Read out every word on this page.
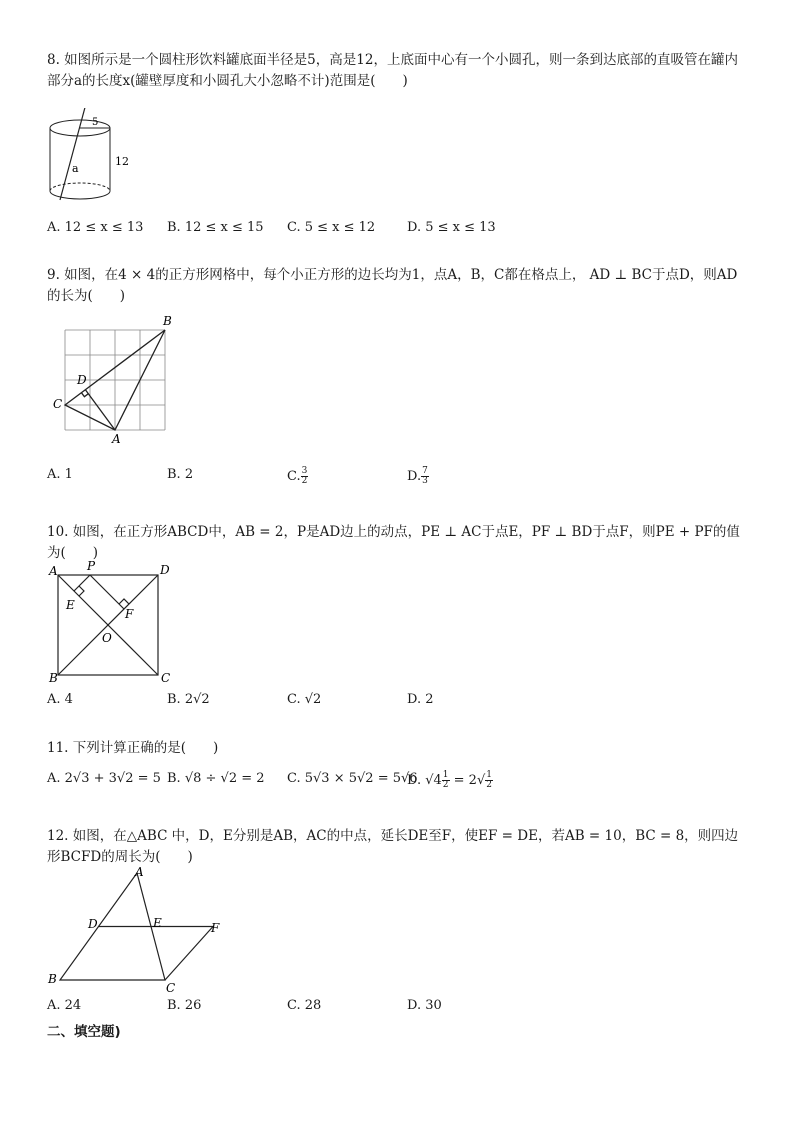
8. 如图所示是一个圆柱形饮料罐底面半径是5，高是12，上底面中心有一个小圆孔，则一条到达底部的直吸管在罐内部分a的长度x(罐壁厚度和小圆孔大小忽略不计)范围是(　　)
5
12
a
A. 12 ≤ x ≤ 13 B. 12 ≤ x ≤ 15 C. 5 ≤ x ≤ 12 D. 5 ≤ x ≤ 13
9. 如图，在4 × 4的正方形网格中，每个小正方形的边长均为1，点A，B，C都在格点上， AD ⊥ BC于点D，则AD的长为(　　)
B
C
D
A
A. 1	B. 2	C. $\frac{3}{2}$	D. $\frac{7}{3}$
10. 如图，在正方形ABCD中，AB = 2，P是AD边上的动点，PE ⊥ AC于点E，PF ⊥ BD于点F，则PE + PF的值为(　　)
A	D
B	C
P
E
F
O
A. 4	B. 2√2	C. √2	D. 2
11. 下列计算正确的是(　　)
A. 2√3 + 3√2 = 5 B. √8 ÷ √2 = 2 C. 5√3 × 5√2 = 5√6
D. $√4 \frac{1}{2} = 2√ \frac{1}{2}$
12. 如图，在△ABC 中，D，E分别是AB，AC的中点，延长DE至F，使EF = DE，若AB = 10，BC = 8，则四边形BCFD的周长为(　　)
A
B
C
D	E	F
A. 24	B. 26	C. 28	D. 30
二、填空题)
